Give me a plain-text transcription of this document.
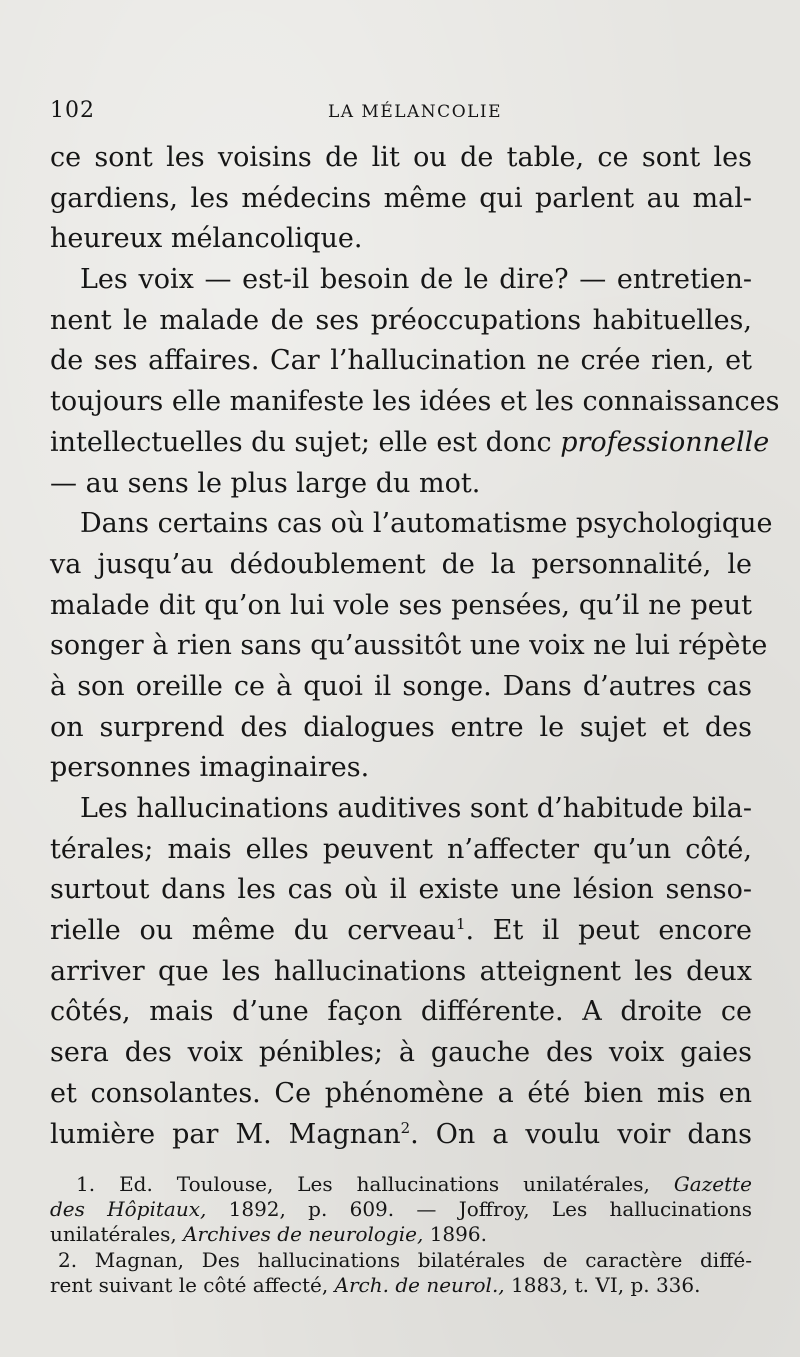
102	LA MÉLANCOLIE
ce sont les voisins de lit ou de table, ce sont les
gardiens, les médecins même qui parlent au mal-
heureux mélancolique.
Les voix — est-il besoin de le dire? — entretien-
nent le malade de ses préoccupations habituelles,
de ses affaires. Car l’hallucination ne crée rien, et
toujours elle manifeste les idées et les connaissances
intellectuelles du sujet; elle est donc professionnelle
— au sens le plus large du mot.
Dans certains cas où l’automatisme psychologique
va jusqu’au dédoublement de la personnalité, le
malade dit qu’on lui vole ses pensées, qu’il ne peut
songer à rien sans qu’aussitôt une voix ne lui répète
à son oreille ce à quoi il songe. Dans d’autres cas
on surprend des dialogues entre le sujet et des
personnes imaginaires.
Les hallucinations auditives sont d’habitude bila-
térales; mais elles peuvent n’affecter qu’un côté,
surtout dans les cas où il existe une lésion senso-
rielle ou même du cerveau$^1$. Et il peut encore
arriver que les hallucinations atteignent les deux
côtés, mais d’une façon différente. A droite ce
sera des voix pénibles; à gauche des voix gaies
et consolantes. Ce phénomène a été bien mis en
lumière par M. Magnan$^2$. On a voulu voir dans
1. Ed. Toulouse, Les hallucinations unilatérales, Gazette
des Hôpitaux, 1892, p. 609. — Joffroy, Les hallucinations
unilatérales, Archives de neurologie, 1896.
2. Magnan, Des hallucinations bilatérales de caractère diffé-
rent suivant le côté affecté, Arch. de neurol., 1883, t. VI, p. 336.
